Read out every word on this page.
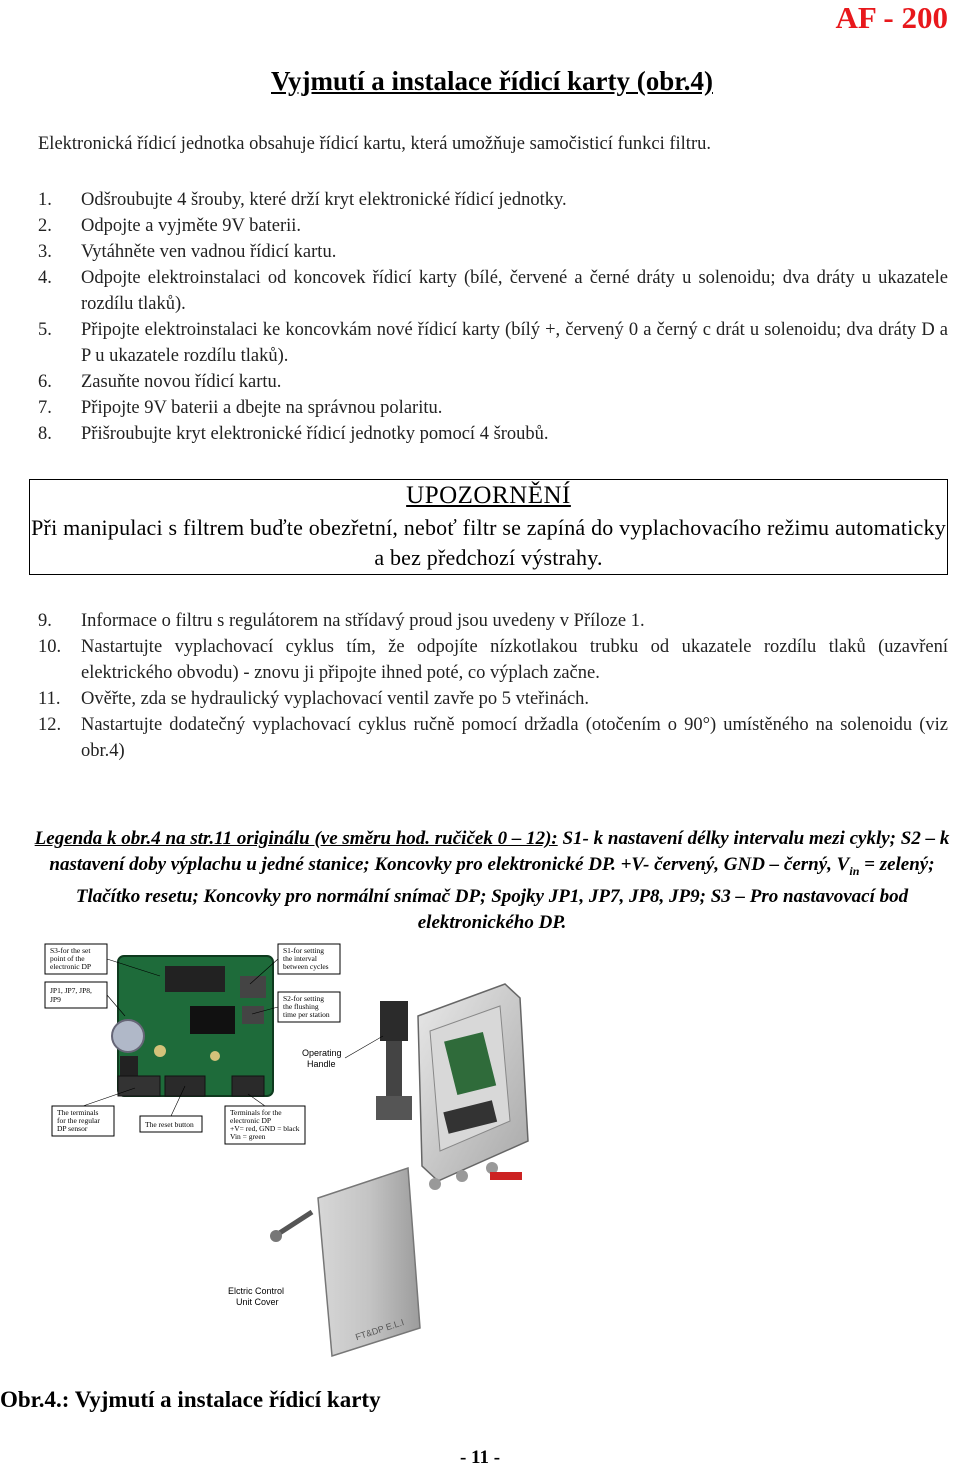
AF - 200
Vyjmutí a instalace řídicí karty (obr.4)
Elektronická řídicí jednotka obsahuje řídicí kartu, která umožňuje samočisticí funkci filtru.
1. Odšroubujte 4 šrouby, které drží kryt elektronické řídicí jednotky.
2. Odpojte a vyjměte 9V baterii.
3. Vytáhněte ven vadnou řídicí kartu.
4. Odpojte elektroinstalaci od koncovek řídicí karty (bílé, červené a černé dráty u solenoidu; dva dráty u ukazatele rozdílu tlaků).
5. Připojte elektroinstalaci ke koncovkám nové řídicí karty (bílý +, červený 0 a černý c drát u solenoidu; dva dráty D a P u ukazatele rozdílu tlaků).
6. Zasuňte novou řídicí kartu.
7. Připojte 9V baterii a dbejte na správnou polaritu.
8. Přišroubujte kryt elektronické řídicí jednotky pomocí 4 šroubů.
UPOZORNĚNÍ
Při manipulaci s filtrem buďte obezřetní, neboť filtr se zapíná do vyplachovacího režimu automaticky a bez předchozí výstrahy.
9. Informace o filtru s regulátorem na střídavý proud jsou uvedeny v Příloze 1.
10. Nastartujte vyplachovací cyklus tím, že odpojíte nízkotlakou trubku od ukazatele rozdílu tlaků (uzavření elektrického obvodu) - znovu ji připojte ihned poté, co výplach začne.
11. Ověřte, zda se hydraulický vyplachovací ventil zavře po 5 vteřinách.
12. Nastartujte dodatečný vyplachovací cyklus ručně pomocí držadla (otočením o 90°) umístěného na solenoidu (viz obr.4)
Legenda k obr.4 na str.11 originálu (ve směru hod. ručiček 0 – 12): S1- k nastavení délky intervalu mezi cykly; S2 – k nastavení doby výplachu u jedné stanice; Koncovky pro elektronické DP. +V- červený, GND – černý, $V_{in}$ = zelený; Tlačítko resetu; Koncovky pro normální snímač DP; Spojky JP1, JP7, JP8, JP9; S3 – Pro nastavovací bod elektronického DP.
S3-for the set
point of the
electronic DP
JP1, JP7, JP8,
JP9
S1-for setting
the interval
between cycles
S2-for setting
the flushing
time per station
The terminals
for the regular
DP sensor	The reset button
Terminals for the
electronic DP
+V= red, GND = black
Vin = green
Operating
Handle
FT&DP E.L.I
Elctric Control
Unit Cover
Obr.4.: Vyjmutí a instalace řídicí karty
- 11 -
